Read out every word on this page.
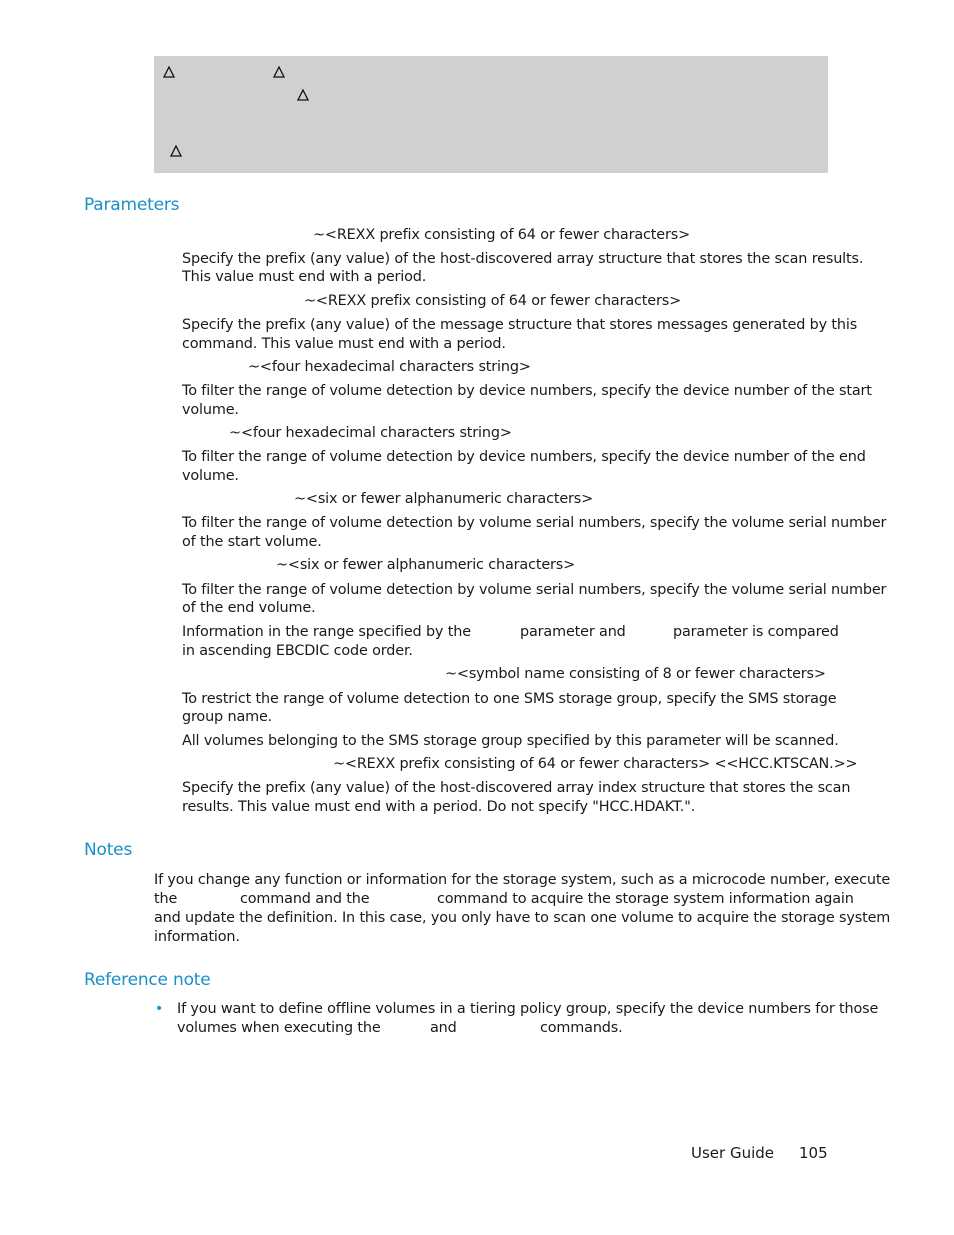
Parameters
~<REXX prefix consisting of 64 or fewer characters>
Specify the prefix (any value) of the host-discovered array structure that stores the scan results.
This value must end with a period.
~<REXX prefix consisting of 64 or fewer characters>
Specify the prefix (any value) of the message structure that stores messages generated by this
command. This value must end with a period.
~<four hexadecimal characters string>
To filter the range of volume detection by device numbers, specify the device number of the start
volume.
~<four hexadecimal characters string>
To filter the range of volume detection by device numbers, specify the device number of the end
volume.
~<six or fewer alphanumeric characters>
To filter the range of volume detection by volume serial numbers, specify the volume serial number
of the start volume.
~<six or fewer alphanumeric characters>
To filter the range of volume detection by volume serial numbers, specify the volume serial number
of the end volume.
Information in the range specified by the	parameter and	parameter is compared
in ascending EBCDIC code order.
~<symbol name consisting of 8 or fewer characters>
To restrict the range of volume detection to one SMS storage group, specify the SMS storage
group name.
All volumes belonging to the SMS storage group specified by this parameter will be scanned.
~<REXX prefix consisting of 64 or fewer characters> <<HCC.KTSCAN.>>
Specify the prefix (any value) of the host-discovered array index structure that stores the scan
results. This value must end with a period. Do not specify "HCC.HDAKT.".
Notes
If you change any function or information for the storage system, such as a microcode number, execute
the	command and the	command to acquire the storage system information again
and update the definition. In this case, you only have to scan one volume to acquire the storage system
information.
Reference note
• If you want to define offline volumes in a tiering policy group, specify the device numbers for those
volumes when executing the	and	commands.
User Guide 105
